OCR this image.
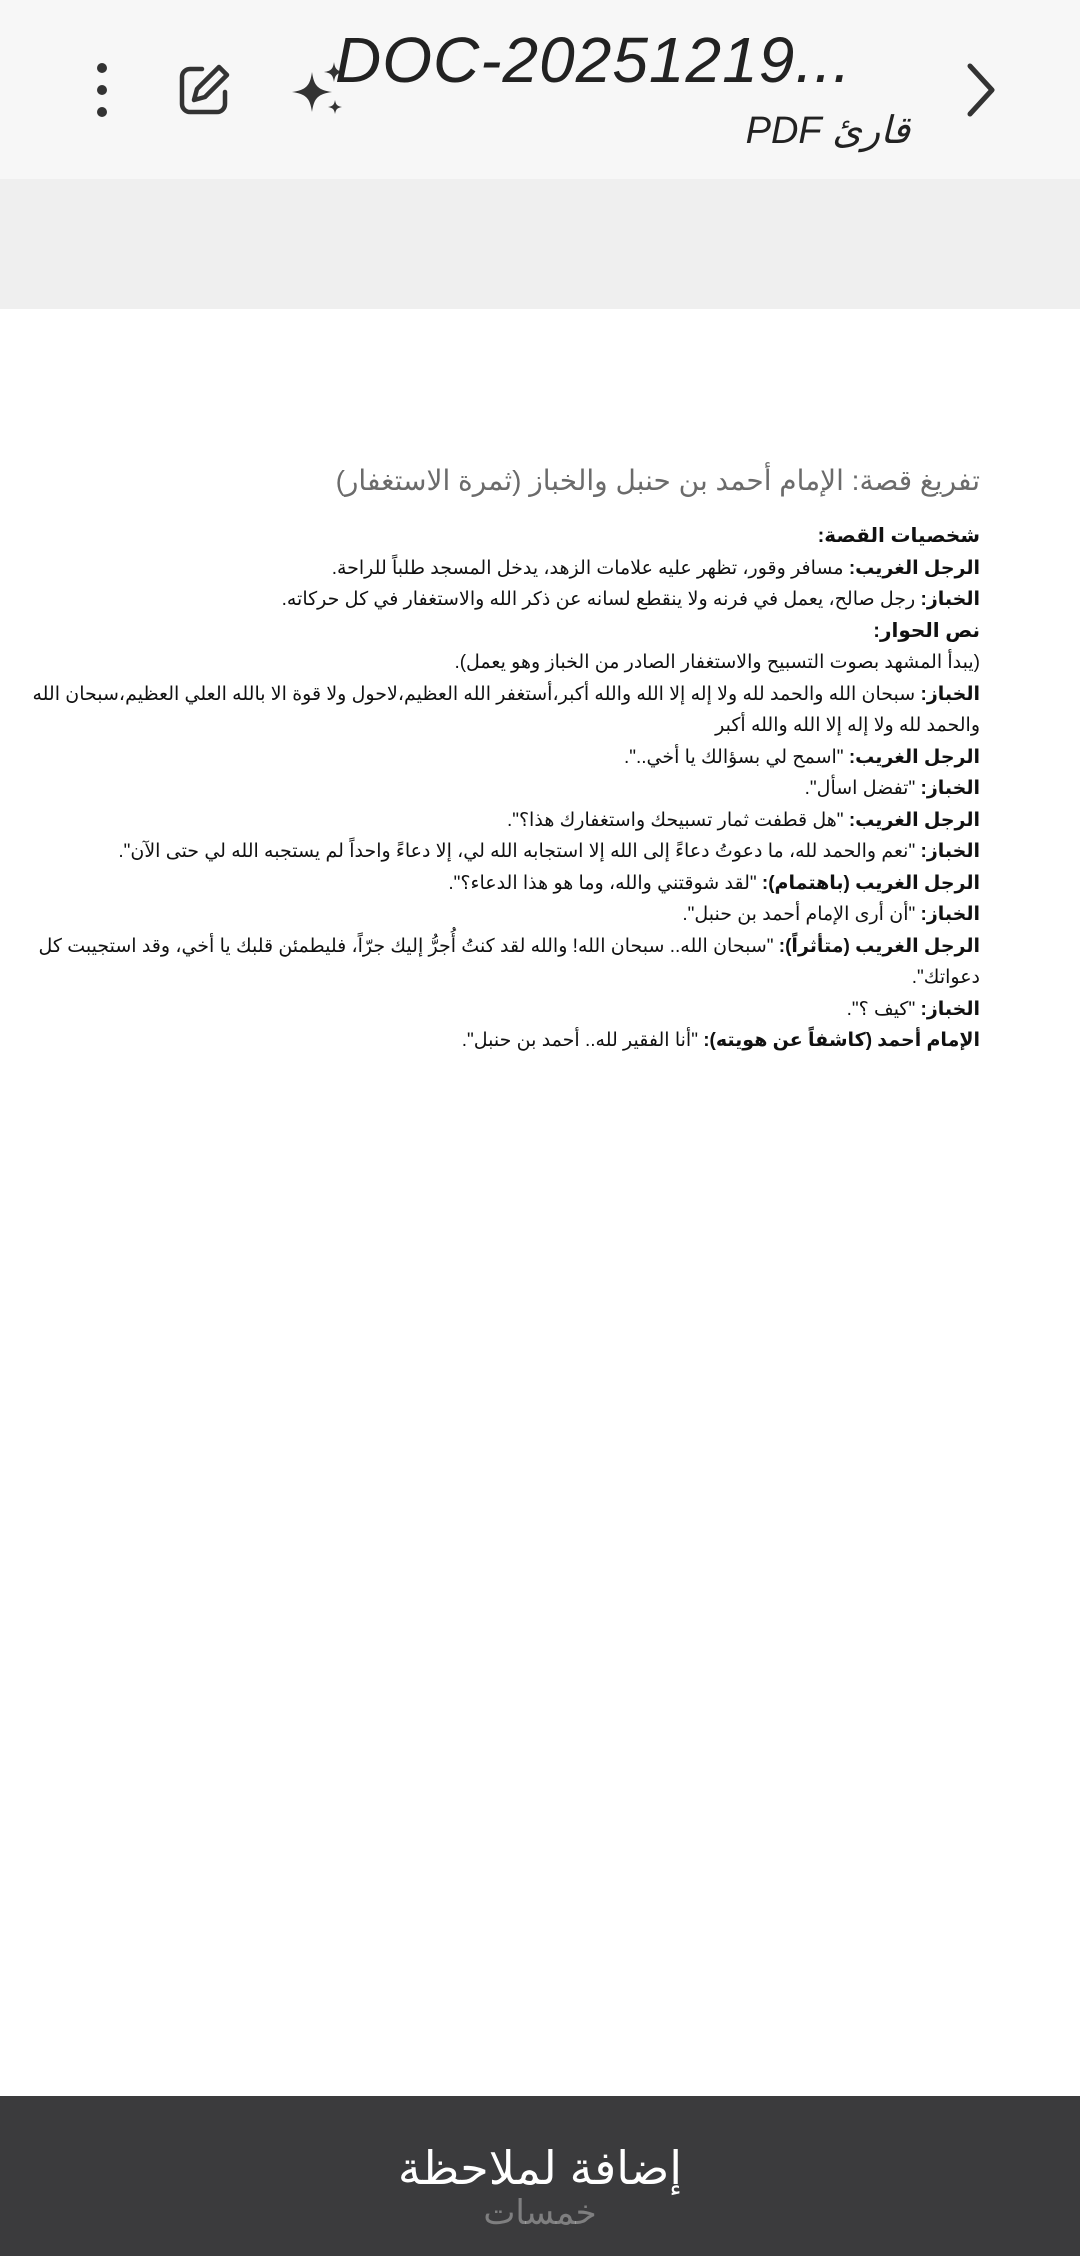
DOC-20251219...
قارئ PDF

تفريغ قصة: الإمام أحمد بن حنبل والخباز (ثمرة الاستغفار)

شخصيات القصة:

الرجل الغريب: مسافر وقور، تظهر عليه علامات الزهد، يدخل المسجد طلباً للراحة.

الخباز: رجل صالح، يعمل في فرنه ولا ينقطع لسانه عن ذكر الله والاستغفار في كل حركاته.

نص الحوار:

(يبدأ المشهد بصوت التسبيح والاستغفار الصادر من الخباز وهو يعمل).

الخباز: سبحان الله والحمد لله ولا إله إلا الله والله أكبر،أستغفر الله العظيم،لاحول ولا قوة الا بالله العلي العظيم،سبحان الله والحمد لله ولا إله إلا الله والله أكبر

الرجل الغريب: "اسمح لي بسؤالك يا أخي..".

الخباز: "تفضل اسأل".

الرجل الغريب: "هل قطفت ثمار تسبيحك واستغفارك هذا؟".

الخباز: "نعم والحمد لله، ما دعوتُ دعاءً إلى الله إلا استجابه الله لي، إلا دعاءً واحداً لم يستجبه الله لي حتى الآن".

الرجل الغريب (باهتمام): "لقد شوقتني والله، وما هو هذا الدعاء؟".

الخباز: "أن أرى الإمام أحمد بن حنبل".

الرجل الغريب (متأثراً): "سبحان الله.. سبحان الله! والله لقد كنتُ أُجرُّ إليك جرّاً، فليطمئن قلبك يا أخي، وقد استجيبت كل دعواتك".

الخباز: "كيف ؟".

الإمام أحمد (كاشفاً عن هويته): "أنا الفقير لله.. أحمد بن حنبل".

إضافة لملاحظة
خمسات
